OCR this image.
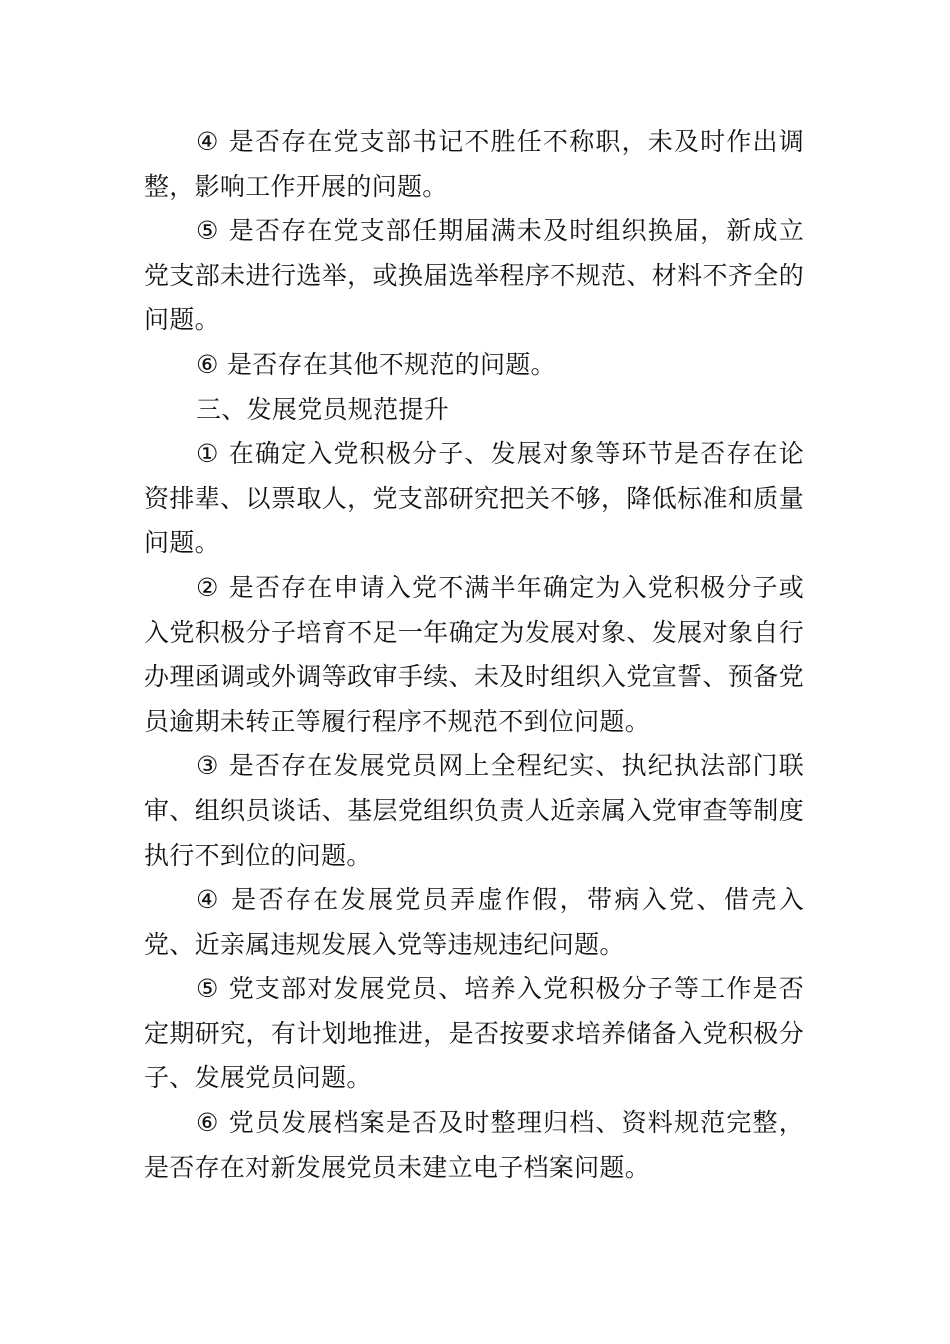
④ 是否存在党支部书记不胜任不称职，未及时作出调整，影响工作开展的问题。

⑤ 是否存在党支部任期届满未及时组织换届，新成立党支部未进行选举，或换届选举程序不规范、材料不齐全的问题。

⑥ 是否存在其他不规范的问题。

三、发展党员规范提升

① 在确定入党积极分子、发展对象等环节是否存在论资排辈、以票取人，党支部研究把关不够，降低标准和质量问题。

② 是否存在申请入党不满半年确定为入党积极分子或入党积极分子培育不足一年确定为发展对象、发展对象自行办理函调或外调等政审手续、未及时组织入党宣誓、预备党员逾期未转正等履行程序不规范不到位问题。

③ 是否存在发展党员网上全程纪实、执纪执法部门联审、组织员谈话、基层党组织负责人近亲属入党审查等制度执行不到位的问题。

④ 是否存在发展党员弄虚作假，带病入党、借壳入党、近亲属违规发展入党等违规违纪问题。

⑤ 党支部对发展党员、培养入党积极分子等工作是否定期研究，有计划地推进，是否按要求培养储备入党积极分子、发展党员问题。

⑥ 党员发展档案是否及时整理归档、资料规范完整，是否存在对新发展党员未建立电子档案问题。
